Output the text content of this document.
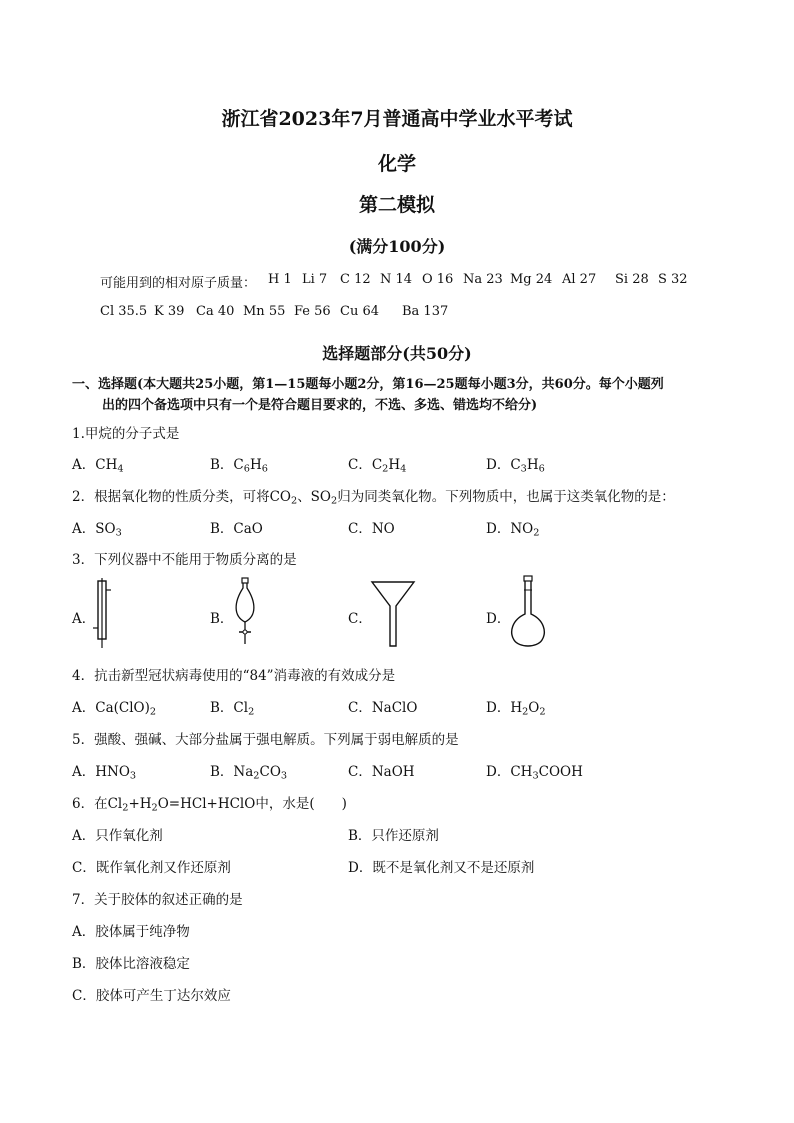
浙江省2023年7月普通高中学业水平考试
化学
第二模拟
(满分100分)
可能用到的相对原子质量： H 1 Li 7 C 12 N 14 O 16 Na 23 Mg 24 Al 27 Si 28 S 32
Cl 35.5 K 39 Ca 40 Mn 55 Fe 56 Cu 64 Ba 137
选择题部分(共50分)
一、选择题(本大题共25小题，第1—15题每小题2分，第16—25题每小题3分，共60分。每个小题列
出的四个备选项中只有一个是符合题目要求的，不选、多选、错选均不给分)
1.甲烷的分子式是
A．$CH_4$	B．$C_6H_6$	C．$C_2H_4$	D．$C_3H_6$
2．根据氧化物的性质分类，可将$CO_2$、$SO_2$归为同类氧化物。下列物质中，也属于这类氧化物的是：
A．$SO_3$	B．CaO	C．NO	D．$NO_2$
3．下列仪器中不能用于物质分离的是
A．	B．	C．	D．
4．抗击新型冠状病毒使用的“84”消毒液的有效成分是
A．$Ca(ClO)_2$	B．$Cl_2$	C．NaClO	D．$H_2O_2$
5．强酸、强碱、大部分盐属于强电解质。下列属于弱电解质的是
A．$HNO_3$	B．$Na_2CO_3$	C．NaOH	D．$CH_3COOH$
6．在$Cl_2+H_2O=HCl+HClO$中，水是(　　)
A．只作氧化剂	B．只作还原剂
C．既作氧化剂又作还原剂	D．既不是氧化剂又不是还原剂
7．关于胶体的叙述正确的是
A．胶体属于纯净物
B．胶体比溶液稳定
C．胶体可产生丁达尔效应
